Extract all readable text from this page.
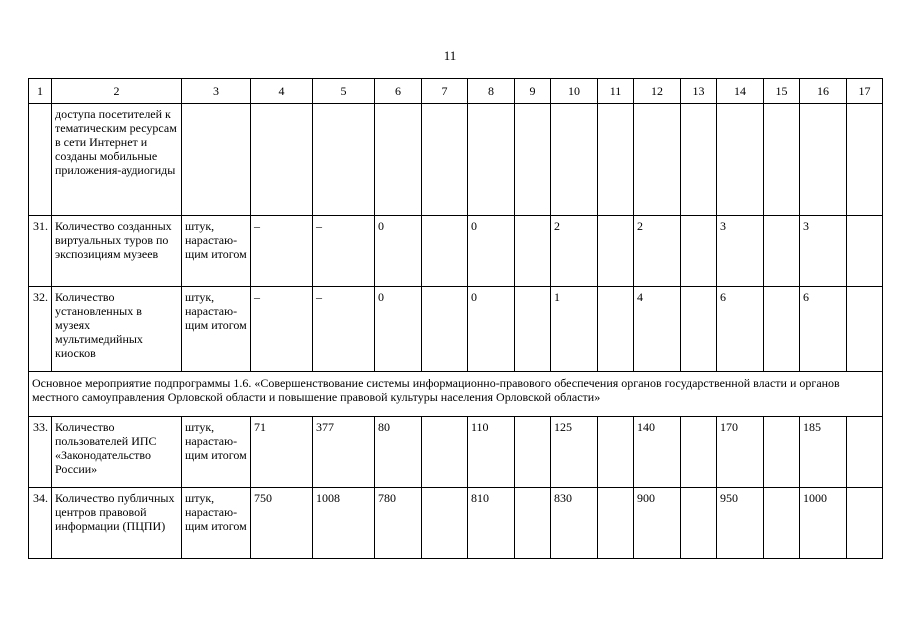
11
1	2	3	4	5	6	7	8	9	10	11	12	13	14	15	16	17
	доступа посетителей к тематическим ресурсам в сети Интернет и созданы мобильные приложения-аудиогиды															
31.	Количество созданных виртуальных туров по экспозициям музеев	штук, нарастаю-щим итогом	–	–	0		0		2		2		3		3	
32.	Количество установленных в музеях мультимедийных киосков	штук, нарастаю-щим итогом	–	–	0		0		1		4		6		6	
Основное мероприятие подпрограммы 1.6. «Совершенствование системы информационно-правового обеспечения органов государственной власти и органов местного самоуправления Орловской области и повышение правовой культуры населения Орловской области»																
33.	Количество пользователей ИПС «Законодательство России»	штук, нарастаю-щим итогом	71	377	80		110		125		140		170		185	
34.	Количество публичных центров правовой информации (ПЦПИ)	штук, нарастаю-щим итогом	750	1008	780		810		830		900		950		1000	
